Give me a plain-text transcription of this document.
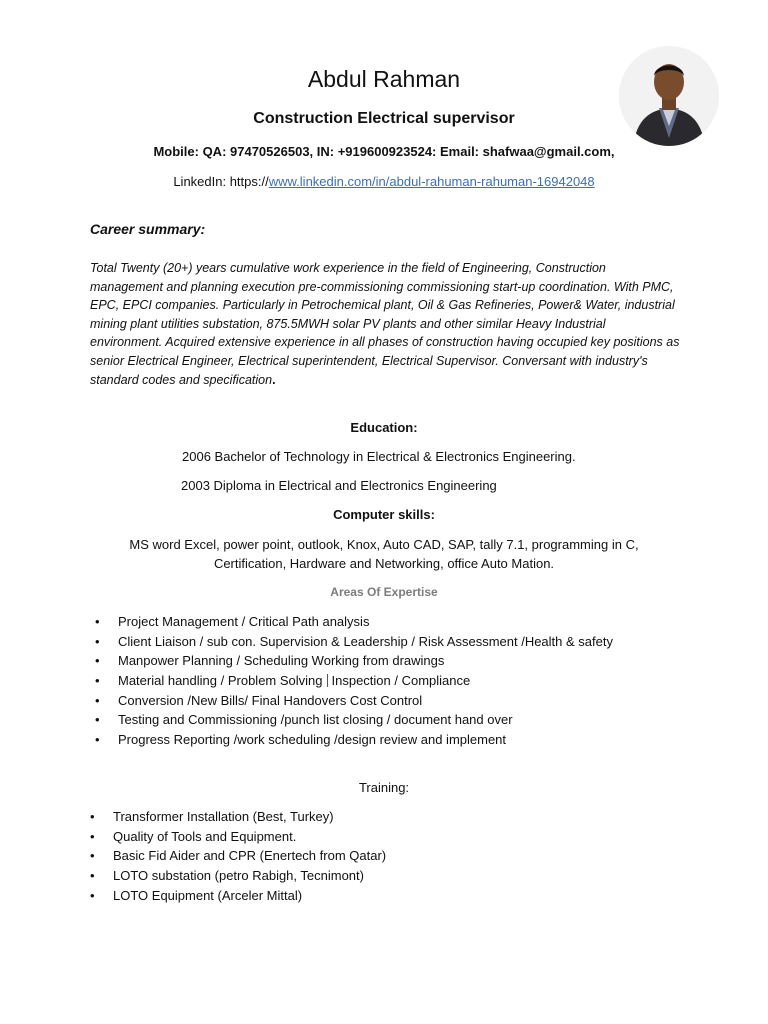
Abdul Rahman
Construction Electrical supervisor
Mobile: QA: 97470526503, IN: +919600923524: Email: shafwaa@gmail.com,
LinkedIn: https://www.linkedin.com/in/abdul-rahuman-rahuman-16942048
Career summary:
Total Twenty (20+) years cumulative work experience in the field of Engineering, Construction management and planning execution pre-commissioning commissioning start-up coordination. With PMC, EPC, EPCI companies. Particularly in Petrochemical plant, Oil & Gas Refineries, Power& Water, industrial mining plant utilities substation, 875.5MWH solar PV plants and other similar Heavy Industrial environment. Acquired extensive experience in all phases of construction having occupied key positions as senior Electrical Engineer, Electrical superintendent, Electrical Supervisor. Conversant with industry's standard codes and specification.
Education:
2006 Bachelor of Technology in Electrical & Electronics Engineering.
2003 Diploma in Electrical and Electronics Engineering
Computer skills:
MS word Excel, power point, outlook, Knox, Auto CAD, SAP, tally 7.1, programming in C, Certification, Hardware and Networking, office Auto Mation.
Areas Of Expertise
• Project Management / Critical Path analysis
• Client Liaison / sub con. Supervision & Leadership / Risk Assessment /Health & safety
• Manpower Planning / Scheduling Working from drawings
• Material handling / Problem Solving Inspection / Compliance
• Conversion /New Bills/ Final Handovers Cost Control
• Testing and Commissioning /punch list closing / document hand over
• Progress Reporting /work scheduling /design review and implement
Training:
• Transformer Installation (Best, Turkey)
• Quality of Tools and Equipment.
• Basic Fid Aider and CPR (Enertech from Qatar)
• LOTO substation (petro Rabigh, Tecnimont)
• LOTO Equipment (Arceler Mittal)
